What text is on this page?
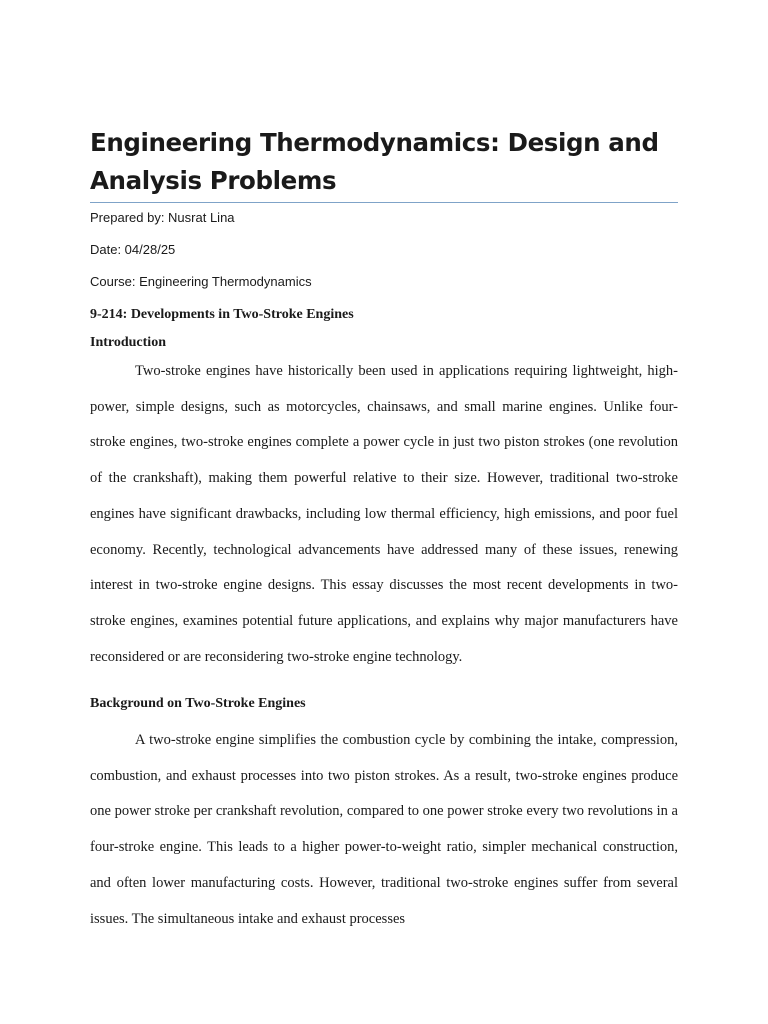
Engineering Thermodynamics: Design and Analysis Problems

Prepared by: Nusrat Lina

Date: 04/28/25

Course: Engineering Thermodynamics

9-214: Developments in Two-Stroke Engines
Introduction

Two-stroke engines have historically been used in applications requiring lightweight, high-power, simple designs, such as motorcycles, chainsaws, and small marine engines. Unlike four-stroke engines, two-stroke engines complete a power cycle in just two piston strokes (one revolution of the crankshaft), making them powerful relative to their size. However, traditional two-stroke engines have significant drawbacks, including low thermal efficiency, high emissions, and poor fuel economy. Recently, technological advancements have addressed many of these issues, renewing interest in two-stroke engine designs. This essay discusses the most recent developments in two-stroke engines, examines potential future applications, and explains why major manufacturers have reconsidered or are reconsidering two-stroke engine technology.

Background on Two-Stroke Engines

A two-stroke engine simplifies the combustion cycle by combining the intake, compression, combustion, and exhaust processes into two piston strokes. As a result, two-stroke engines produce one power stroke per crankshaft revolution, compared to one power stroke every two revolutions in a four-stroke engine. This leads to a higher power-to-weight ratio, simpler mechanical construction, and often lower manufacturing costs. However, traditional two-stroke engines suffer from several issues. The simultaneous intake and exhaust processes
